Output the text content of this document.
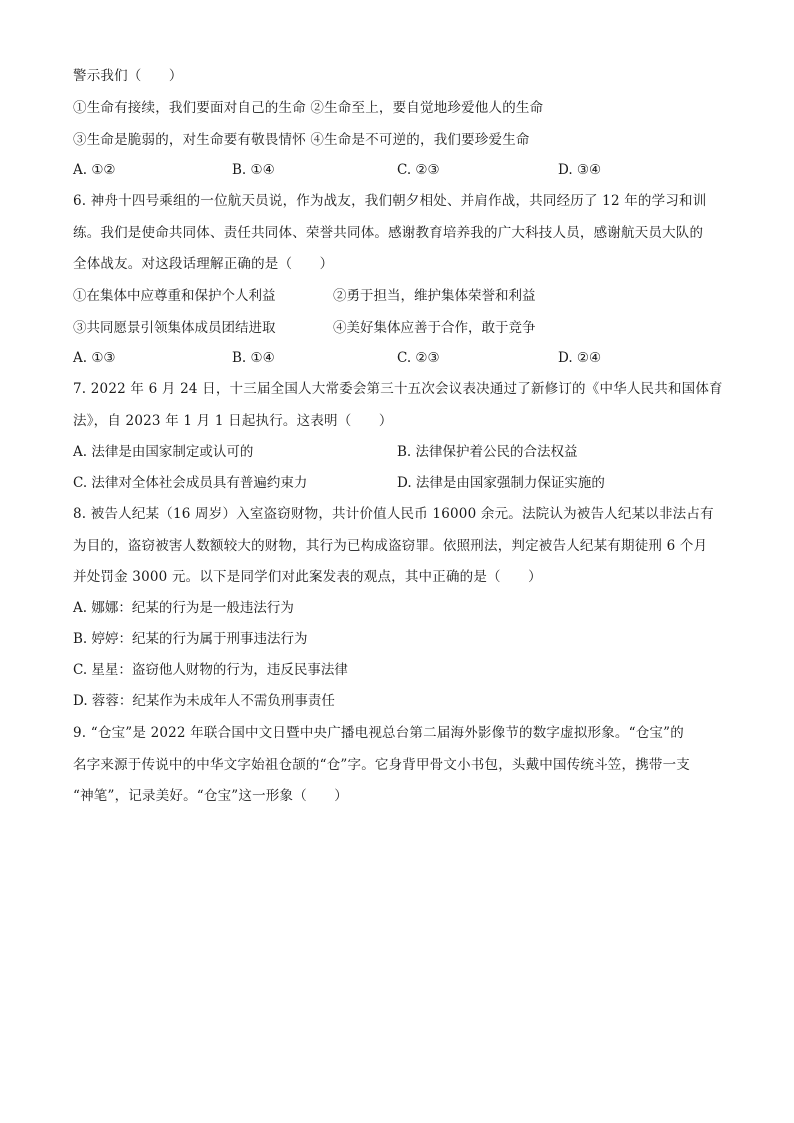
警示我们（　　）
①生命有接续，我们要面对自己的生命 ②生命至上，要自觉地珍爱他人的生命
③生命是脆弱的，对生命要有敬畏情怀 ④生命是不可逆的，我们要珍爱生命
A. ①②	B. ①④	C. ②③	D. ③④
6. 神舟十四号乘组的一位航天员说，作为战友，我们朝夕相处、并肩作战，共同经历了 12 年的学习和训
练。我们是使命共同体、责任共同体、荣誉共同体。感谢教育培养我的广大科技人员，感谢航天员大队的
全体战友。对这段话理解正确的是（　　）
①在集体中应尊重和保护个人利益	②勇于担当，维护集体荣誉和利益
③共同愿景引领集体成员团结进取	④美好集体应善于合作，敢于竞争
A. ①③	B. ①④	C. ②③	D. ②④
7. 2022 年 6 月 24 日，十三届全国人大常委会第三十五次会议表决通过了新修订的《中华人民共和国体育
法》，自 2023 年 1 月 1 日起执行。这表明（　　）
A. 法律是由国家制定或认可的	B. 法律保护着公民的合法权益
C. 法律对全体社会成员具有普遍约束力	D. 法律是由国家强制力保证实施的
8. 被告人纪某（16 周岁）入室盗窃财物，共计价值人民币 16000 余元。法院认为被告人纪某以非法占有
为目的，盗窃被害人数额较大的财物，其行为已构成盗窃罪。依照刑法，判定被告人纪某有期徒刑 6 个月
并处罚金 3000 元。以下是同学们对此案发表的观点，其中正确的是（　　）
A. 娜娜：纪某的行为是一般违法行为
B. 婷婷：纪某的行为属于刑事违法行为
C. 星星：盗窃他人财物的行为，违反民事法律
D. 蓉蓉：纪某作为未成年人不需负刑事责任
9. “仓宝”是 2022 年联合国中文日暨中央广播电视总台第二届海外影像节的数字虚拟形象。“仓宝”的
名字来源于传说中的中华文字始祖仓颉的“仓”字。它身背甲骨文小书包，头戴中国传统斗笠，携带一支
“神笔”，记录美好。“仓宝”这一形象（　　）
